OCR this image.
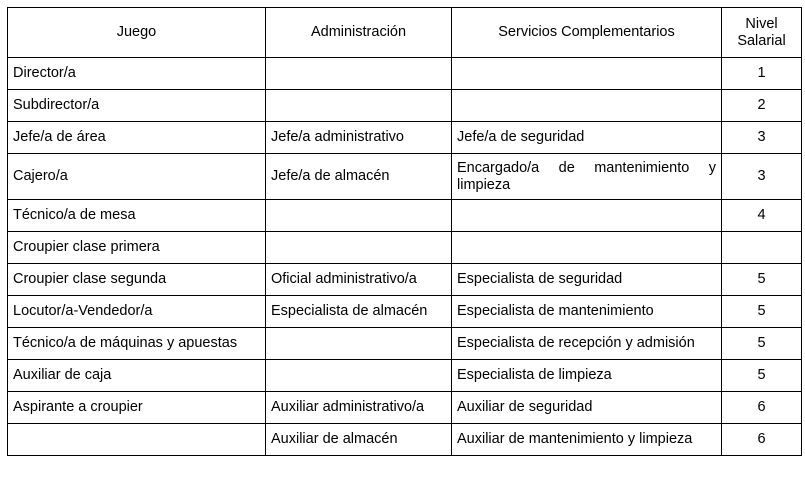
Juego	Administración	Servicios Complementarios	Nivel
Salarial
Director/a			1
Subdirector/a			2
Jefe/a de área	Jefe/a administrativo	Jefe/a de seguridad	3
Cajero/a	Jefe/a de almacén	Encargado/a de mantenimiento y limpieza	3
Técnico/a de mesa			4
Croupier clase primera			
Croupier clase segunda	Oficial administrativo/a	Especialista de seguridad	5
Locutor/a-Vendedor/a	Especialista de almacén	Especialista de mantenimiento	5
Técnico/a de máquinas y apuestas		Especialista de recepción y admisión	5
Auxiliar de caja		Especialista de limpieza	5
Aspirante a croupier	Auxiliar administrativo/a	Auxiliar de seguridad	6
	Auxiliar de almacén	Auxiliar de mantenimiento y limpieza	6
